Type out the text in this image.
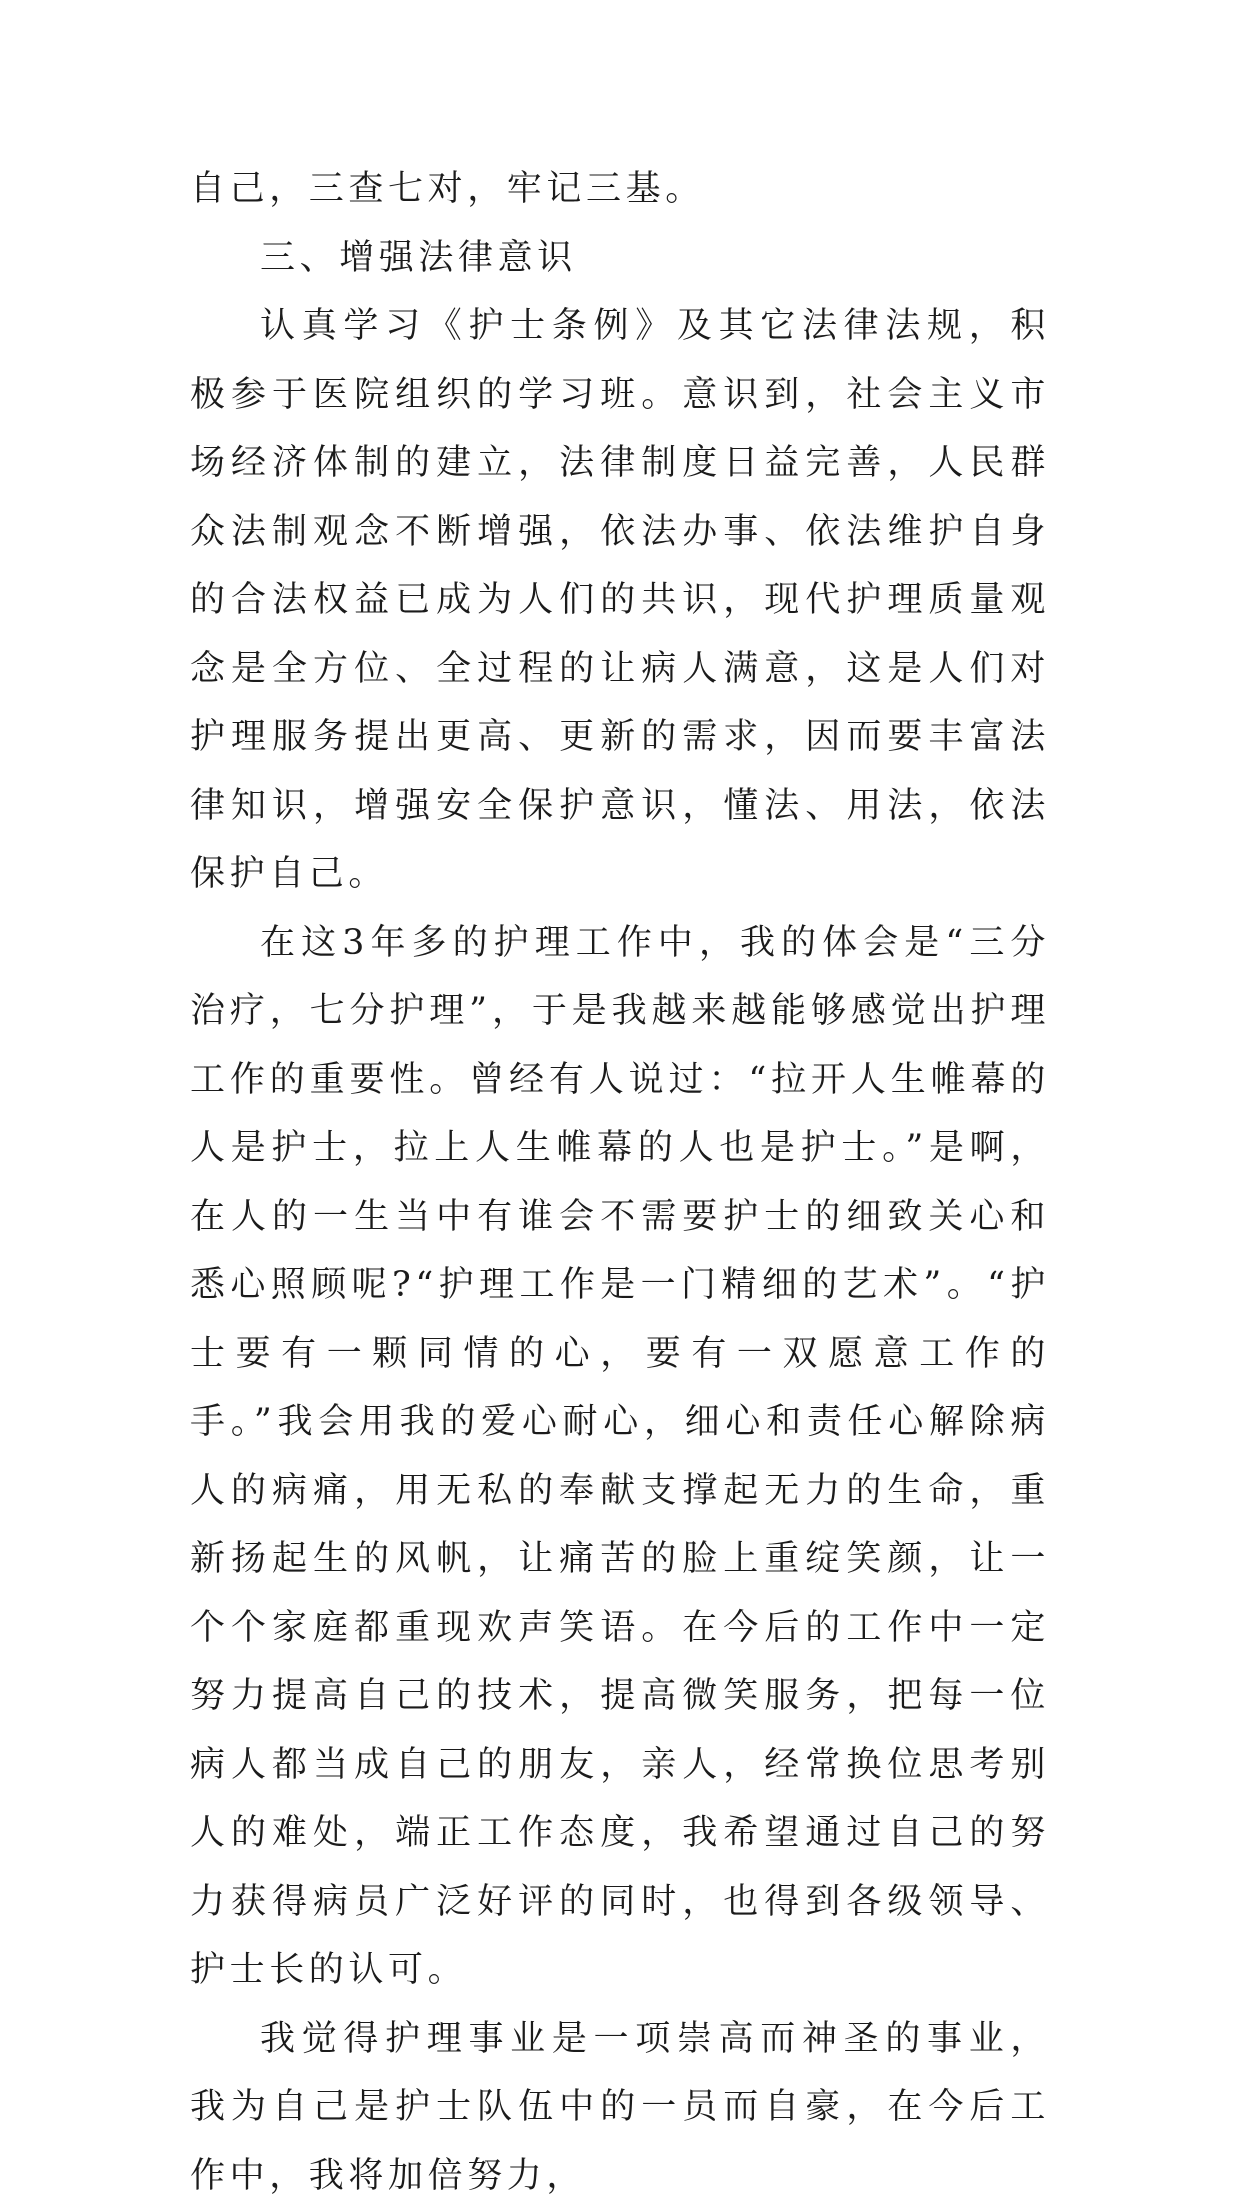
自己，三查七对，牢记三基。

三、增强法律意识

认真学习《护士条例》及其它法律法规，积极参于医院组织的学习班。意识到，社会主义市场经济体制的建立，法律制度日益完善，人民群众法制观念不断增强，依法办事、依法维护自身的合法权益已成为人们的共识，现代护理质量观念是全方位、全过程的让病人满意，这是人们对护理服务提出更高、更新的需求，因而要丰富法律知识，增强安全保护意识，懂法、用法，依法保护自己。

在这3年多的护理工作中，我的体会是“三分治疗，七分护理”，于是我越来越能够感觉出护理工作的重要性。曾经有人说过：“拉开人生帷幕的人是护士，拉上人生帷幕的人也是护士。”是啊，在人的一生当中有谁会不需要护士的细致关心和悉心照顾呢?“护理工作是一门精细的艺术”。“护士要有一颗同情的心，要有一双愿意工作的手。”我会用我的爱心耐心，细心和责任心解除病人的病痛，用无私的奉献支撑起无力的生命，重新扬起生的风帆，让痛苦的脸上重绽笑颜，让一个个家庭都重现欢声笑语。在今后的工作中一定努力提高自己的技术，提高微笑服务，把每一位病人都当成自己的朋友，亲人，经常换位思考别人的难处，端正工作态度，我希望通过自己的努力获得病员广泛好评的同时，也得到各级领导、护士长的认可。

我觉得护理事业是一项崇高而神圣的事业，我为自己是护士队伍中的一员而自豪，在今后工作中，我将加倍努力，
